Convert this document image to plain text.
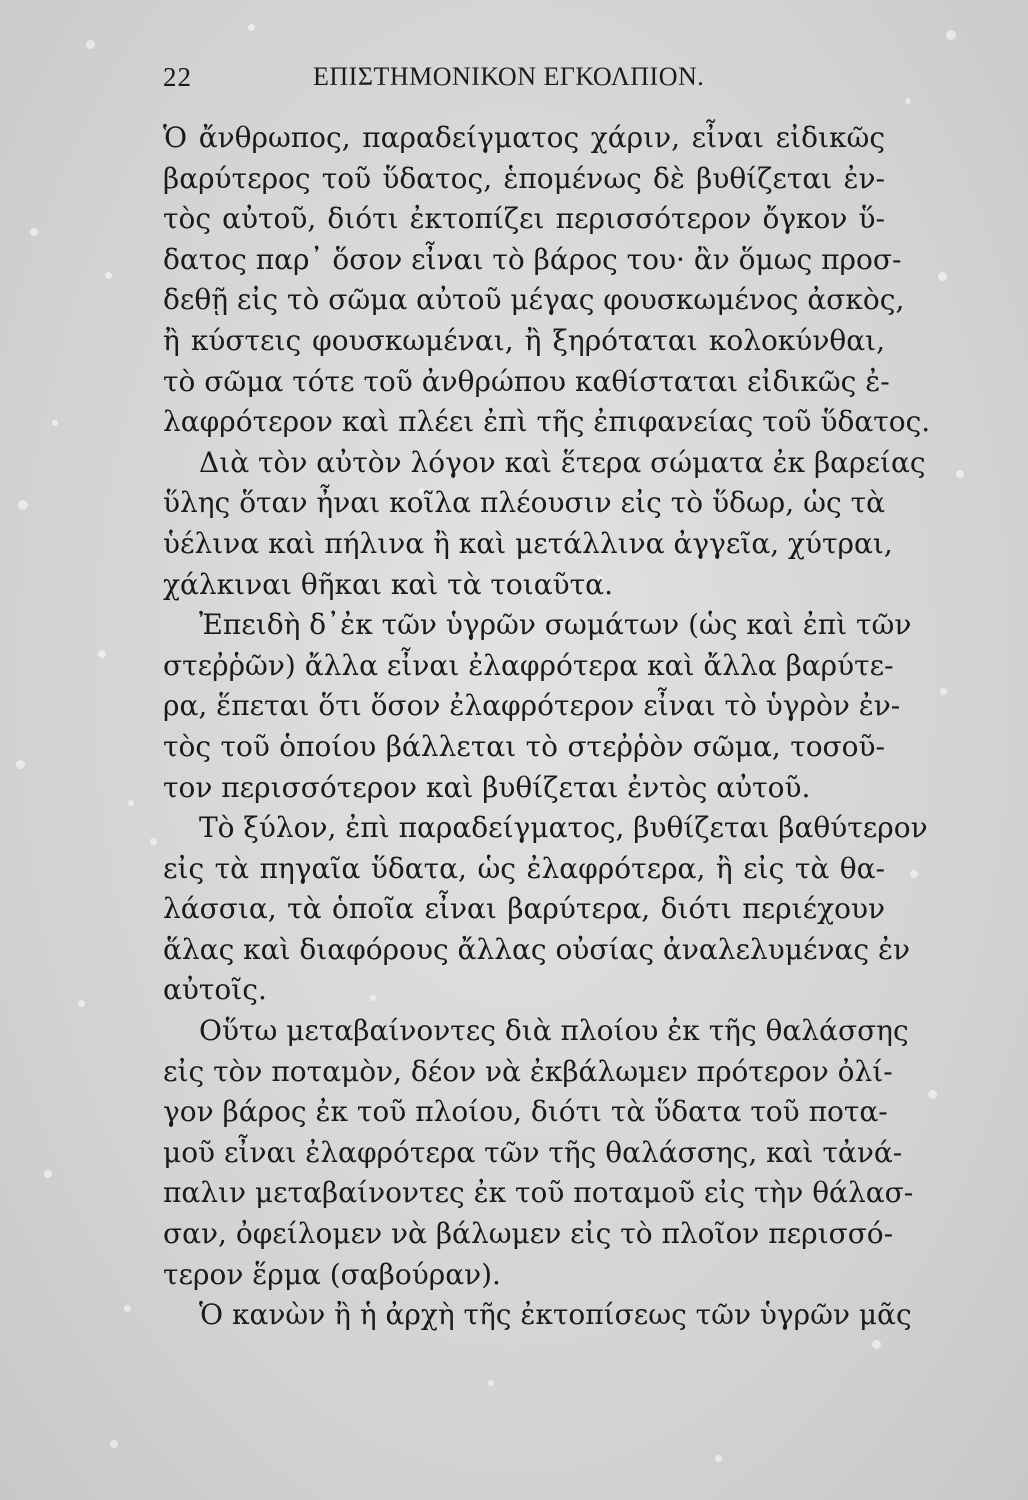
22	ΕΠΙΣΤΗΜΟΝΙΚΟΝ ΕΓΚΟΛΠΙΟΝ.
Ὁ ἄνθρωπος, παραδείγματος χάριν, εἶναι εἰδικῶς
βαρύτερος τοῦ ὕδατος, ἑπομένως δὲ βυθίζεται ἐν-
τὸς αὐτοῦ, διότι ἐκτοπίζει περισσότερον ὄγκον ὕ-
δατος παρ᾽ ὅσον εἶναι τὸ βάρος του· ἂν ὅμως προσ-
δεθῇ εἰς τὸ σῶμα αὐτοῦ μέγας φουσκωμένος ἀσκὸς,
ἢ κύστεις φουσκωμέναι, ἢ ξηρόταται κολοκύνθαι,
τὸ σῶμα τότε τοῦ ἀνθρώπου καθίσταται εἰδικῶς ἐ-
λαφρότερον καὶ πλέει ἐπὶ τῆς ἐπιφανείας τοῦ ὕδατος.
Διὰ τὸν αὐτὸν λόγον καὶ ἕτερα σώματα ἐκ βαρείας
ὕλης ὅταν ἦναι κοῖλα πλέουσιν εἰς τὸ ὕδωρ, ὡς τὰ
ὑέλινα καὶ πήλινα ἢ καὶ μετάλλινα ἀγγεῖα, χύτραι,
χάλκιναι θῆκαι καὶ τὰ τοιαῦτα.
Ἐπειδὴ δ᾽ἐκ τῶν ὑγρῶν σωμάτων (ὡς καὶ ἐπὶ τῶν
στεῤῥῶν) ἄλλα εἶναι ἐλαφρότερα καὶ ἄλλα βαρύτε-
ρα, ἕπεται ὅτι ὅσον ἐλαφρότερον εἶναι τὸ ὑγρὸν ἐν-
τὸς τοῦ ὁποίου βάλλεται τὸ στεῤῥὸν σῶμα, τοσοῦ-
τον περισσότερον καὶ βυθίζεται ἐντὸς αὐτοῦ.
Τὸ ξύλον, ἐπὶ παραδείγματος, βυθίζεται βαθύτερον
εἰς τὰ πηγαῖα ὕδατα, ὡς ἐλαφρότερα, ἢ εἰς τὰ θα-
λάσσια, τὰ ὁποῖα εἶναι βαρύτερα, διότι περιέχουν
ἅλας καὶ διαφόρους ἄλλας οὐσίας ἀναλελυμένας ἐν
αὐτοῖς.
Οὕτω μεταβαίνοντες διὰ πλοίου ἐκ τῆς θαλάσσης
εἰς τὸν ποταμὸν, δέον νὰ ἐκβάλωμεν πρότερον ὀλί-
γον βάρος ἐκ τοῦ πλοίου, διότι τὰ ὕδατα τοῦ ποτα-
μοῦ εἶναι ἐλαφρότερα τῶν τῆς θαλάσσης, καὶ τἀνά-
παλιν μεταβαίνοντες ἐκ τοῦ ποταμοῦ εἰς τὴν θάλασ-
σαν, ὀφείλομεν νὰ βάλωμεν εἰς τὸ πλοῖον περισσό-
τερον ἕρμα (σαβούραν).
Ὁ κανὼν ἢ ἡ ἀρχὴ τῆς ἐκτοπίσεως τῶν ὑγρῶν μᾶς
